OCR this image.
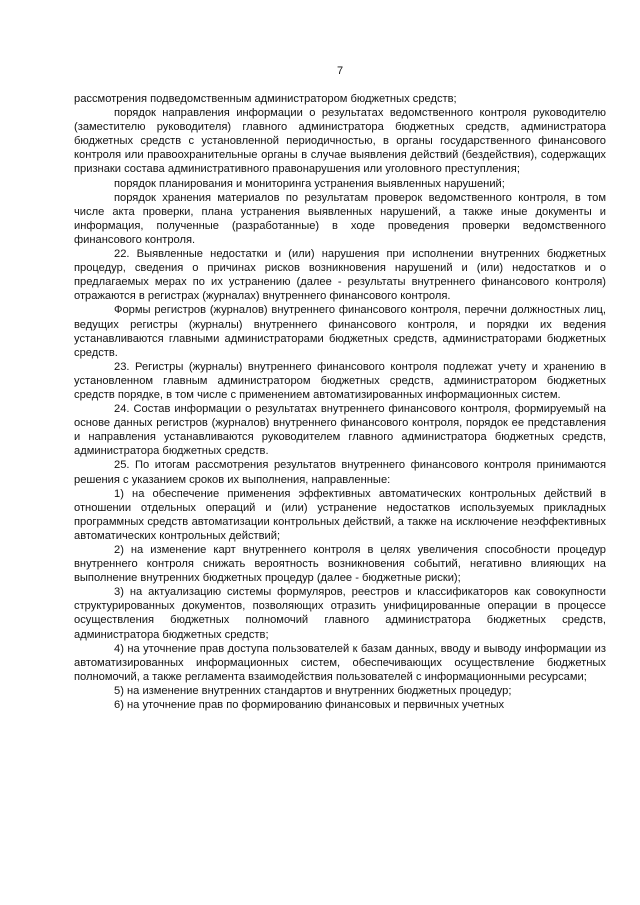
7

рассмотрения подведомственным администратором бюджетных средств;

порядок направления информации о результатах ведомственного контроля руководителю (заместителю руководителя) главного администратора бюджетных средств, администратора бюджетных средств с установленной периодичностью, в органы государственного финансового контроля или правоохранительные органы в случае выявления действий (бездействия), содержащих признаки состава административного правонарушения или уголовного преступления;

порядок планирования и мониторинга устранения выявленных нарушений;

порядок хранения материалов по результатам проверок ведомственного контроля, в том числе акта проверки, плана устранения выявленных нарушений, а также иные документы и информация, полученные (разработанные) в ходе проведения проверки ведомственного финансового контроля.

22. Выявленные недостатки и (или) нарушения при исполнении внутренних бюджетных процедур, сведения о причинах рисков возникновения нарушений и (или) недостатков и о предлагаемых мерах по их устранению (далее - результаты внутреннего финансового контроля) отражаются в регистрах (журналах) внутреннего финансового контроля.

Формы регистров (журналов) внутреннего финансового контроля, перечни должностных лиц, ведущих регистры (журналы) внутреннего финансового контроля, и порядки их ведения устанавливаются главными администраторами бюджетных средств, администраторами бюджетных средств.

23. Регистры (журналы) внутреннего финансового контроля подлежат учету и хранению в установленном главным администратором бюджетных средств, администратором бюджетных средств порядке, в том числе с применением автоматизированных информационных систем.

24. Состав информации о результатах внутреннего финансового контроля, формируемый на основе данных регистров (журналов) внутреннего финансового контроля, порядок ее представления и направления устанавливаются руководителем главного администратора бюджетных средств, администратора бюджетных средств.

25. По итогам рассмотрения результатов внутреннего финансового контроля принимаются решения с указанием сроков их выполнения, направленные:

1) на обеспечение применения эффективных автоматических контрольных действий в отношении отдельных операций и (или) устранение недостатков используемых прикладных программных средств автоматизации контрольных действий, а также на исключение неэффективных автоматических контрольных действий;

2) на изменение карт внутреннего контроля в целях увеличения способности процедур внутреннего контроля снижать вероятность возникновения событий, негативно влияющих на выполнение внутренних бюджетных процедур (далее - бюджетные риски);

3) на актуализацию системы формуляров, реестров и классификаторов как совокупности структурированных документов, позволяющих отразить унифицированные операции в процессе осуществления бюджетных полномочий главного администратора бюджетных средств, администратора бюджетных средств;

4) на уточнение прав доступа пользователей к базам данных, вводу и выводу информации из автоматизированных информационных систем, обеспечивающих осуществление бюджетных полномочий, а также регламента взаимодействия пользователей с информационными ресурсами;

5) на изменение внутренних стандартов и внутренних бюджетных процедур;

6) на уточнение прав по формированию финансовых и первичных учетных
